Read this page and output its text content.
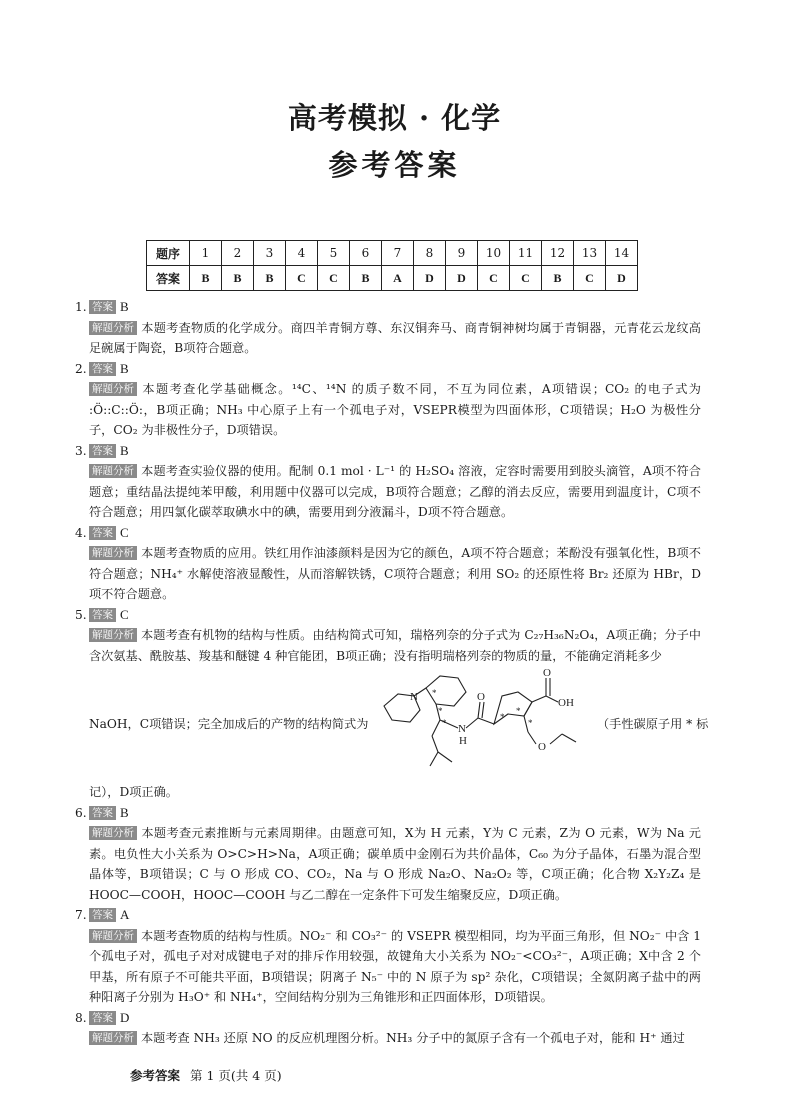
高考模拟 · 化学
参考答案
题序	1	2	3	4	5	6	7	8	9	10	11	12	13	14
答案	B	B	B	C	C	B	A	D	D	C	C	B	C	D
1. 答案 B
解题分析 本题考查物质的化学成分。商四羊青铜方尊、东汉铜奔马、商青铜神树均属于青铜器，元青花云龙纹高足碗属于陶瓷，B项符合题意。
2. 答案 B
解题分析 本题考查化学基础概念。¹⁴C、¹⁴N 的质子数不同，不互为同位素，A项错误；CO₂ 的电子式为 :Ö::C::Ö:，B项正确；NH₃ 中心原子上有一个孤电子对，VSEPR模型为四面体形，C项错误；H₂O 为极性分子，CO₂ 为非极性分子，D项错误。
3. 答案 B
解题分析 本题考查实验仪器的使用。配制 0.1 mol · L⁻¹ 的 H₂SO₄ 溶液，定容时需要用到胶头滴管，A项不符合题意；重结晶法提纯苯甲酸，利用题中仪器可以完成，B项符合题意；乙醇的消去反应，需要用到温度计，C项不符合题意；用四氯化碳萃取碘水中的碘，需要用到分液漏斗，D项不符合题意。
4. 答案 C
解题分析 本题考查物质的应用。铁红用作油漆颜料是因为它的颜色，A项不符合题意；苯酚没有强氧化性，B项不符合题意；NH₄⁺ 水解使溶液显酸性，从而溶解铁锈，C项符合题意；利用 SO₂ 的还原性将 Br₂ 还原为 HBr，D项不符合题意。
5. 答案 C
解题分析 本题考查有机物的结构与性质。由结构简式可知，瑞格列奈的分子式为 C₂₇H₃₆N₂O₄，A项正确；分子中含次氨基、酰胺基、羧基和醚键 4 种官能团，B项正确；没有指明瑞格列奈的物质的量，不能确定消耗多少
NaOH，C项错误；完全加成后的产物的结构简式为
N
N
H
O
O
OH
O
*
*
*
*
*
*	（手性碳原子用 * 标
记），D项正确。
6. 答案 B
解题分析 本题考查元素推断与元素周期律。由题意可知，X为 H 元素，Y为 C 元素，Z为 O 元素，W为 Na 元素。电负性大小关系为 O>C>H>Na，A项正确；碳单质中金刚石为共价晶体，C₆₀ 为分子晶体，石墨为混合型晶体等，B项错误；C 与 O 形成 CO、CO₂，Na 与 O 形成 Na₂O、Na₂O₂ 等，C项正确；化合物 X₂Y₂Z₄ 是 HOOC—COOH，HOOC—COOH 与乙二醇在一定条件下可发生缩聚反应，D项正确。
7. 答案 A
解题分析 本题考查物质的结构与性质。NO₂⁻ 和 CO₃²⁻ 的 VSEPR 模型相同，均为平面三角形，但 NO₂⁻ 中含 1 个孤电子对，孤电子对对成键电子对的排斥作用较强，故键角大小关系为 NO₂⁻<CO₃²⁻，A项正确；X中含 2 个甲基，所有原子不可能共平面，B项错误；阴离子 N₅⁻ 中的 N 原子为 sp² 杂化，C项错误；全氮阴离子盐中的两种阳离子分别为 H₃O⁺ 和 NH₄⁺，空间结构分别为三角锥形和正四面体形，D项错误。
8. 答案 D
解题分析 本题考查 NH₃ 还原 NO 的反应机理图分析。NH₃ 分子中的氮原子含有一个孤电子对，能和 H⁺ 通过
参考答案 第 1 页(共 4 页)
